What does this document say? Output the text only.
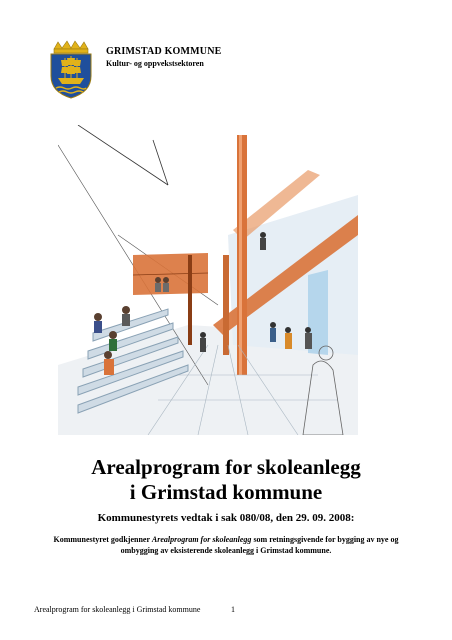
GRIMSTAD KOMMUNE
Kultur- og oppvekstsektoren
Arealprogram for skoleanlegg
i Grimstad kommune
Kommunestyrets vedtak i sak 080/08, den 29. 09. 2008:
Kommunestyret godkjenner Arealprogram for skoleanlegg som retningsgivende for bygging av nye og
ombygging av eksisterende skoleanlegg i Grimstad kommune.
Arealprogram for skoleanlegg i Grimstad kommune	1
